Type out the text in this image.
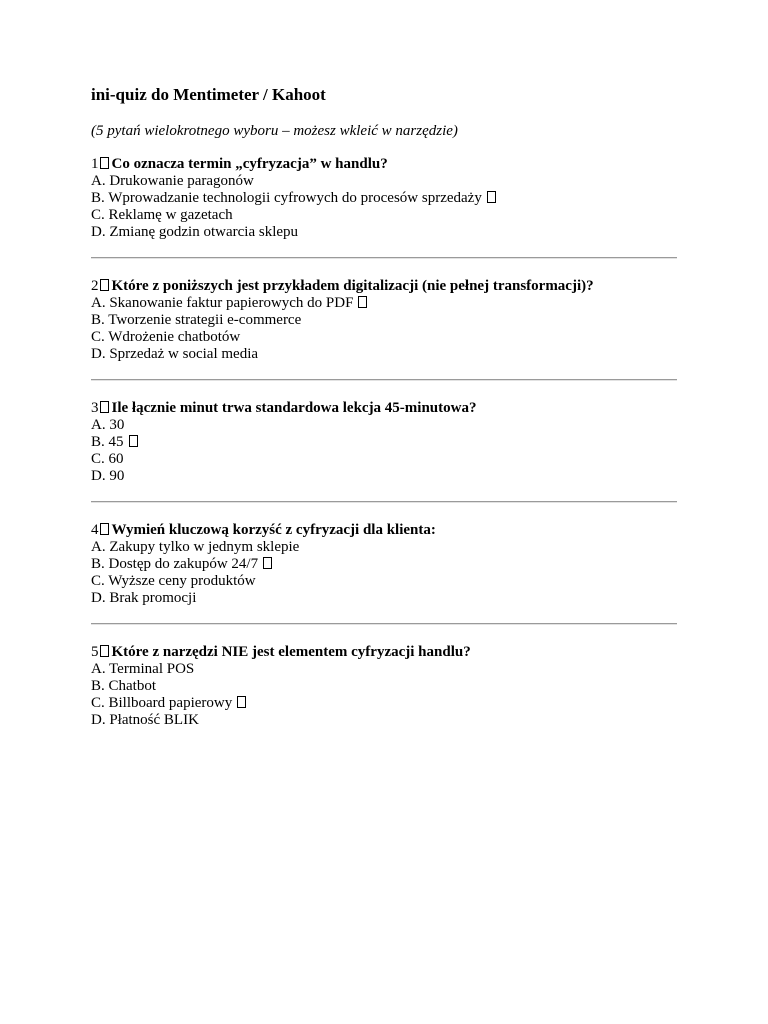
ini-quiz do Mentimeter / Kahoot

(5 pytań wielokrotnego wyboru – możesz wkleić w narzędzie)

1 Co oznacza termin „cyfryzacja” w handlu?
A. Drukowanie paragonów
B. Wprowadzanie technologii cyfrowych do procesów sprzedaży
C. Reklamę w gazetach
D. Zmianę godzin otwarcia sklepu
2 Które z poniższych jest przykładem digitalizacji (nie pełnej transformacji)?
A. Skanowanie faktur papierowych do PDF
B. Tworzenie strategii e-commerce
C. Wdrożenie chatbotów
D. Sprzedaż w social media
3 Ile łącznie minut trwa standardowa lekcja 45-minutowa?
A. 30
B. 45
C. 60
D. 90
4 Wymień kluczową korzyść z cyfryzacji dla klienta:
A. Zakupy tylko w jednym sklepie
B. Dostęp do zakupów 24/7
C. Wyższe ceny produktów
D. Brak promocji
5 Które z narzędzi NIE jest elementem cyfryzacji handlu?
A. Terminal POS
B. Chatbot
C. Billboard papierowy
D. Płatność BLIK
